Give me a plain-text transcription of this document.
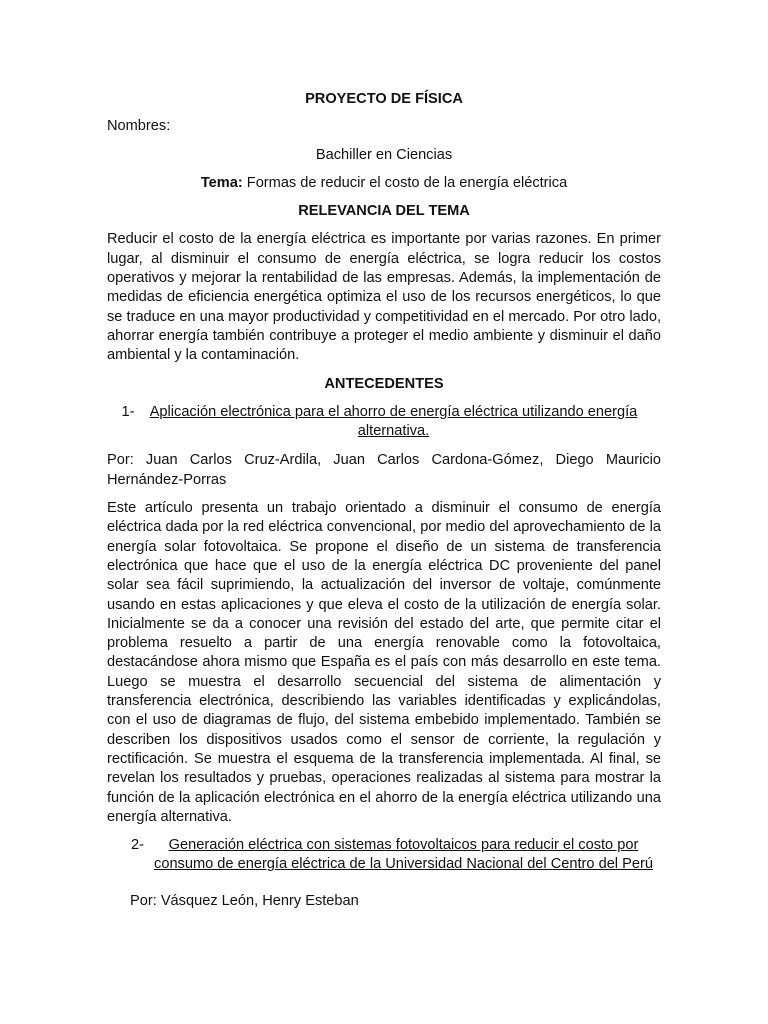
PROYECTO DE FÍSICA
Nombres:
Bachiller en Ciencias
Tema: Formas de reducir el costo de la energía eléctrica
RELEVANCIA DEL TEMA
Reducir el costo de la energía eléctrica es importante por varias razones. En primer lugar, al disminuir el consumo de energía eléctrica, se logra reducir los costos operativos y mejorar la rentabilidad de las empresas. Además, la implementación de medidas de eficiencia energética optimiza el uso de los recursos energéticos, lo que se traduce en una mayor productividad y competitividad en el mercado. Por otro lado, ahorrar energía también contribuye a proteger el medio ambiente y disminuir el daño ambiental y la contaminación.
ANTECEDENTES
1-	Aplicación electrónica para el ahorro de energía eléctrica utilizando energía alternativa.
Por: Juan Carlos Cruz-Ardila, Juan Carlos Cardona-Gómez, Diego Mauricio Hernández-Porras
Este artículo presenta un trabajo orientado a disminuir el consumo de energía eléctrica dada por la red eléctrica convencional, por medio del aprovechamiento de la energía solar fotovoltaica. Se propone el diseño de un sistema de transferencia electrónica que hace que el uso de la energía eléctrica DC proveniente del panel solar sea fácil suprimiendo, la actualización del inversor de voltaje, comúnmente usando en estas aplicaciones y que eleva el costo de la utilización de energía solar. Inicialmente se da a conocer una revisión del estado del arte, que permite citar el problema resuelto a partir de una energía renovable como la fotovoltaica, destacándose ahora mismo que España es el país con más desarrollo en este tema. Luego se muestra el desarrollo secuencial del sistema de alimentación y transferencia electrónica, describiendo las variables identificadas y explicándolas, con el uso de diagramas de flujo, del sistema embebido implementado. También se describen los dispositivos usados como el sensor de corriente, la regulación y rectificación. Se muestra el esquema de la transferencia implementada. Al final, se revelan los resultados y pruebas, operaciones realizadas al sistema para mostrar la función de la aplicación electrónica en el ahorro de la energía eléctrica utilizando una energía alternativa.
2-	Generación eléctrica con sistemas fotovoltaicos para reducir el costo por consumo de energía eléctrica de la Universidad Nacional del Centro del Perú
Por: Vásquez León, Henry Esteban
